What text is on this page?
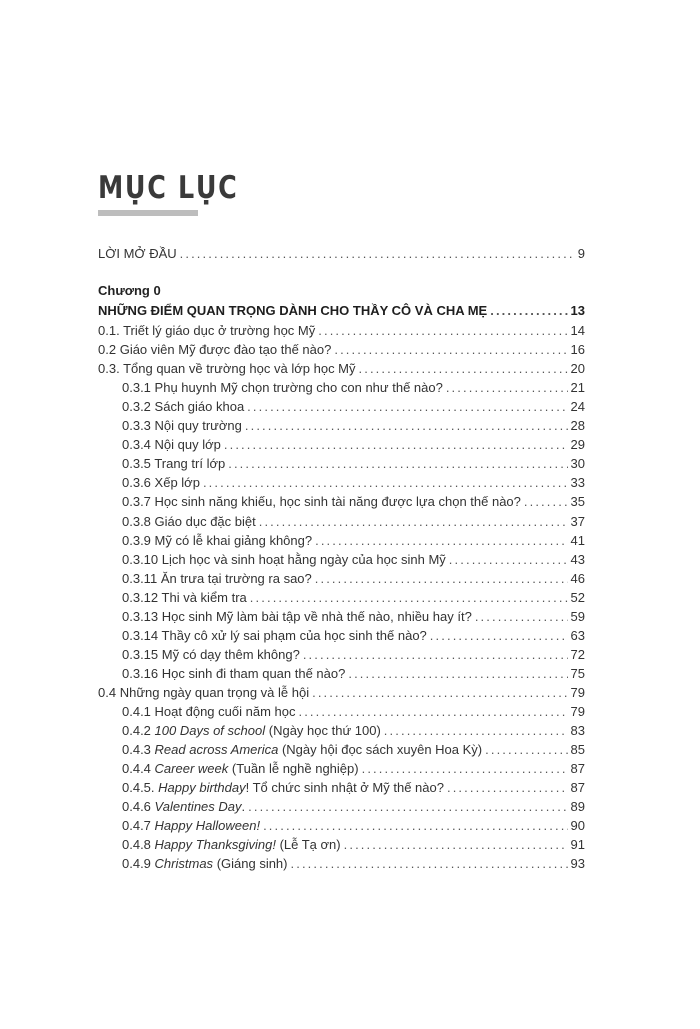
MỤC LỤC
LỜI MỞ ĐẦU . . .	9
Chương 0
NHỮNG ĐIỂM QUAN TRỌNG DÀNH CHO THẦY CÔ VÀ CHA MẸ . . .	13
0.1. Triết lý giáo dục ở trường học Mỹ . . .	14
0.2 Giáo viên Mỹ được đào tạo thế nào? . . .	16
0.3. Tổng quan về trường học và lớp học Mỹ . . .	20
0.3.1 Phụ huynh Mỹ chọn trường cho con như thế nào? . . .	21
0.3.2 Sách giáo khoa . . .	24
0.3.3 Nội quy trường . . .	28
0.3.4 Nội quy lớp . . .	29
0.3.5 Trang trí lớp . . .	30
0.3.6 Xếp lớp . . .	33
0.3.7 Học sinh năng khiếu, học sinh tài năng được lựa chọn thế nào? . . .	35
0.3.8 Giáo dục đặc biệt . . .	37
0.3.9 Mỹ có lễ khai giảng không? . . .	41
0.3.10 Lịch học và sinh hoạt hằng ngày của học sinh Mỹ . . .	43
0.3.11 Ăn trưa tại trường ra sao? . . .	46
0.3.12 Thi và kiểm tra . . .	52
0.3.13 Học sinh Mỹ làm bài tập về nhà thế nào, nhiều hay ít? . . .	59
0.3.14 Thầy cô xử lý sai phạm của học sinh thế nào? . . .	63
0.3.15 Mỹ có dạy thêm không? . . .	72
0.3.16 Học sinh đi tham quan thế nào? . . .	75
0.4 Những ngày quan trọng và lễ hội . . .	79
0.4.1 Hoạt động cuối năm học . . .	79
0.4.2 100 Days of school (Ngày học thứ 100) . . .	83
0.4.3 Read across America (Ngày hội đọc sách xuyên Hoa Kỳ) . . .	85
0.4.4 Career week (Tuần lễ nghề nghiệp) . . .	87
0.4.5. Happy birthday! Tổ chức sinh nhật ở Mỹ thế nào? . . .	87
0.4.6 Valentines Day. . . .	89
0.4.7 Happy Halloween! . . .	90
0.4.8 Happy Thanksgiving! (Lễ Tạ ơn) . . .	91
0.4.9 Christmas (Giáng sinh) . . .	93
